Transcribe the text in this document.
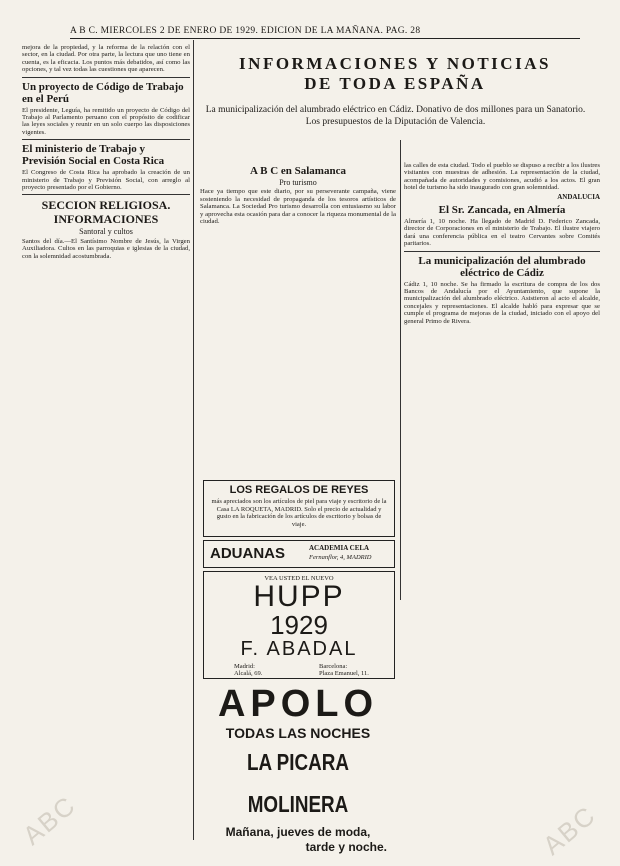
A B C. MIERCOLES 2 DE ENERO DE 1929. EDICION DE LA MAÑANA. PAG. 28
INFORMACIONES Y NOTICIAS
DE TODA ESPAÑA
La municipalización del alumbrado eléctrico en Cádiz. Donativo de dos millones para un Sanatorio. Los presupuestos de la Diputación de Valencia.

mejora de la propiedad, y la reforma de la relación con el sector, en la ciudad. Por otra parte, la lectura que uno tiene en cuenta, es la eficacia. Los puntos más debatidos, así como las opciones, y tal vez todas las cuestiones que aparecen.

Un proyecto de Código de Trabajo en el Perú

El presidente, Leguía, ha remitido un proyecto de Código del Trabajo al Parlamento peruano con el propósito de codificar las leyes sociales y reunir en un solo cuerpo las disposiciones vigentes.

El ministerio de Trabajo y Previsión Social en Costa Rica

El Congreso de Costa Rica ha aprobado la creación de un ministerio de Trabajo y Previsión Social, con arreglo al proyecto presentado por el Gobierno.

SECCION RELIGIOSA. INFORMACIONES
Santoral y cultos

Santos del día.—El Santísimo Nombre de Jesús, la Virgen Auxiliadora. Cultos en las parroquias e iglesias de la ciudad, con la solemnidad acostumbrada.

A B C en Salamanca
Pro turismo

Hace ya tiempo que este diario, por su perseverante campaña, viene sosteniendo la necesidad de propaganda de los tesoros artísticos de Salamanca. La Sociedad Pro turismo desarrolla con entusiasmo su labor y aprovecha esta ocasión para dar a conocer la riqueza monumental de la ciudad.

LOS REGALOS DE REYES
más apreciados son los artículos de piel para viaje y escritorio de la Casa LA ROQUETA, MADRID. Solo el precio de actualidad y gusto en la fabricación de los artículos de escritorio y bolsas de viaje.
ADUANAS	ACADEMIA CELA
Fernanflor, 4, MADRID
VEA USTED EL NUEVO
HUPP
1929
F. ABADAL
Madrid:
Alcalá, 69.
Barcelona:
Plaza Emanuel, 11.
APOLO
TODAS LAS NOCHES
LA PICARA MOLINERA
Mañana, jueves de moda,
tarde y noche.

las calles de esta ciudad. Todo el pueblo se dispuso a recibir a los ilustres visitantes con muestras de adhesión. La representación de la ciudad, acompañada de autoridades y comisiones, acudió a los actos. El gran hotel de turismo ha sido inaugurado con gran solemnidad.

ANDALUCIA
El Sr. Zancada, en Almería

Almería 1, 10 noche. Ha llegado de Madrid D. Federico Zancada, director de Corporaciones en el ministerio de Trabajo. El ilustre viajero dará una conferencia pública en el teatro Cervantes sobre Comités paritarios.

La municipalización del alumbrado eléctrico de Cádiz

Cádiz 1, 10 noche. Se ha firmado la escritura de compra de los dos Bancos de Andalucía por el Ayuntamiento, que supone la municipalización del alumbrado eléctrico. Asistieron al acto el alcalde, concejales y representaciones. El alcalde habló para expresar que se cumple el programa de mejoras de la ciudad, iniciado con el apoyo del general Primo de Rivera.

ABC	ABC
